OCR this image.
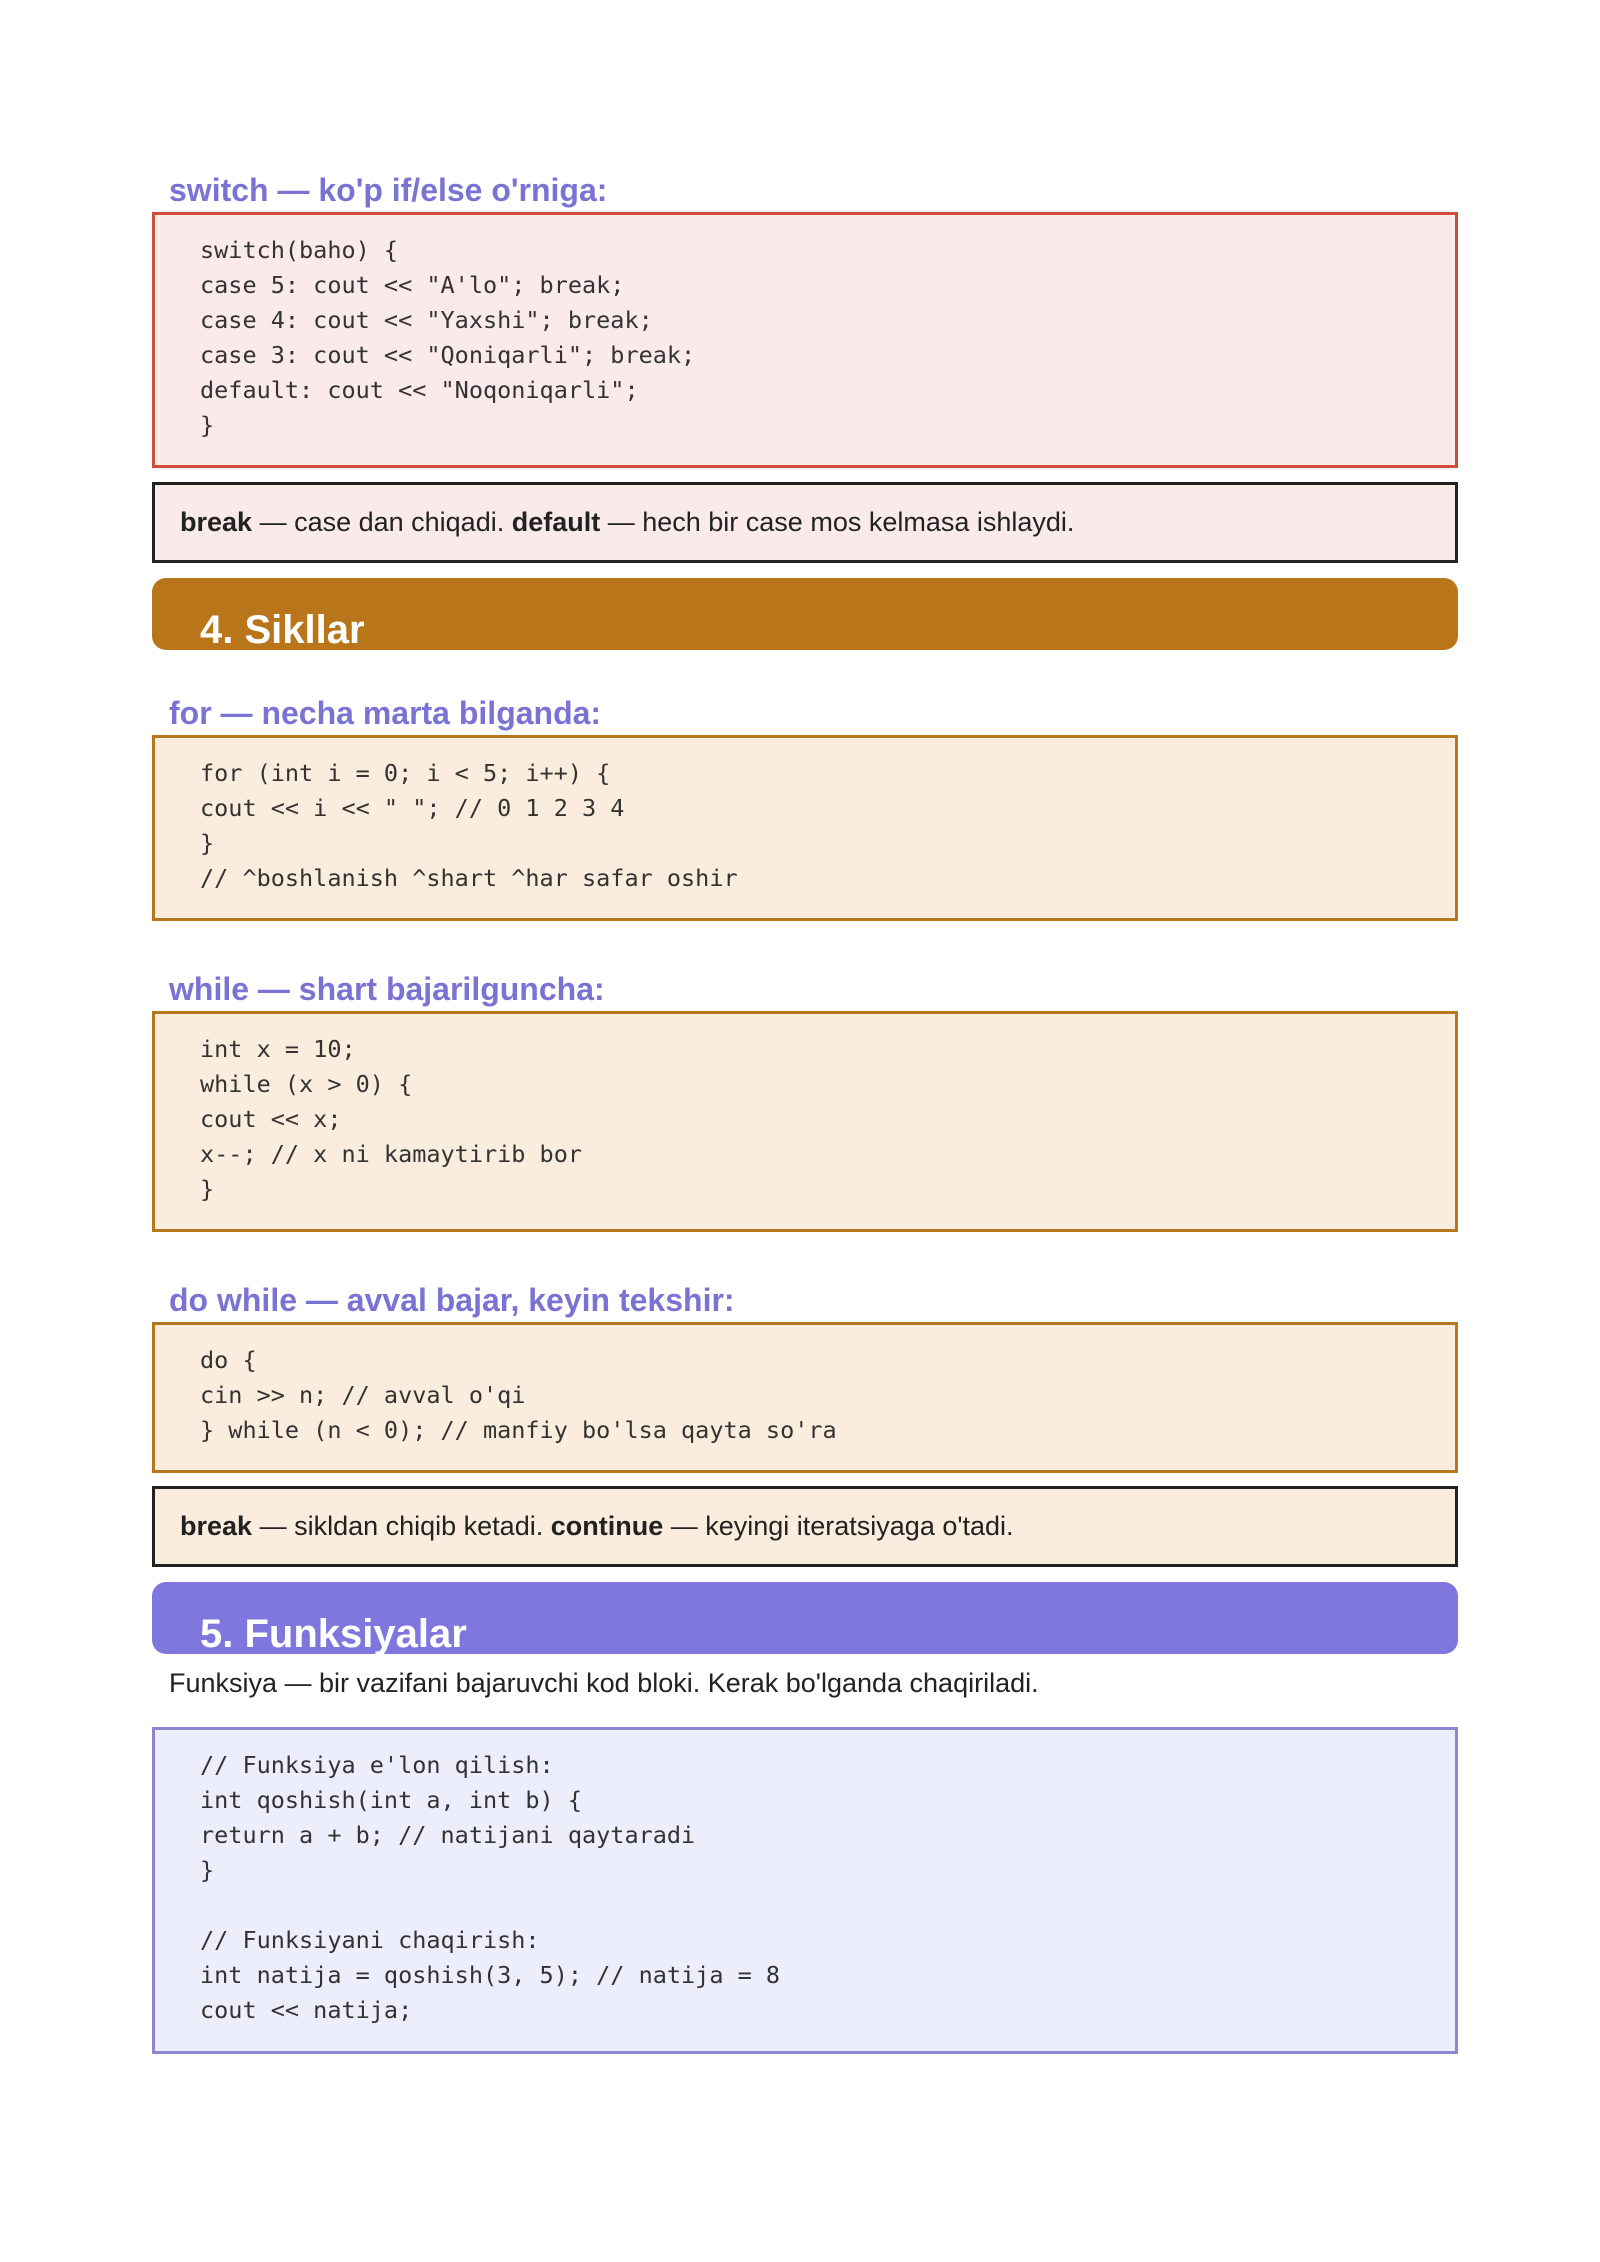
switch — ko'p if/else o'rniga:
switch(baho) {
case 5: cout << "A'lo"; break;
case 4: cout << "Yaxshi"; break;
case 3: cout << "Qoniqarli"; break;
default: cout << "Noqoniqarli";
}
break — case dan chiqadi. default — hech bir case mos kelmasa ishlaydi.
4. Sikllar
for — necha marta bilganda:
for (int i = 0; i < 5; i++) {
cout << i << " "; // 0 1 2 3 4
}
// ^boshlanish ^shart ^har safar oshir
while — shart bajarilguncha:
int x = 10;
while (x > 0) {
cout << x;
x--; // x ni kamaytirib bor
}
do while — avval bajar, keyin tekshir:
do {
cin >> n; // avval o'qi
} while (n < 0); // manfiy bo'lsa qayta so'ra
break — sikldan chiqib ketadi. continue — keyingi iteratsiyaga o'tadi.
5. Funksiyalar
Funksiya — bir vazifani bajaruvchi kod bloki. Kerak bo'lganda chaqiriladi.
// Funksiya e'lon qilish:
int qoshish(int a, int b) {
return a + b; // natijani qaytaradi
}

// Funksiyani chaqirish:
int natija = qoshish(3, 5); // natija = 8
cout << natija;
